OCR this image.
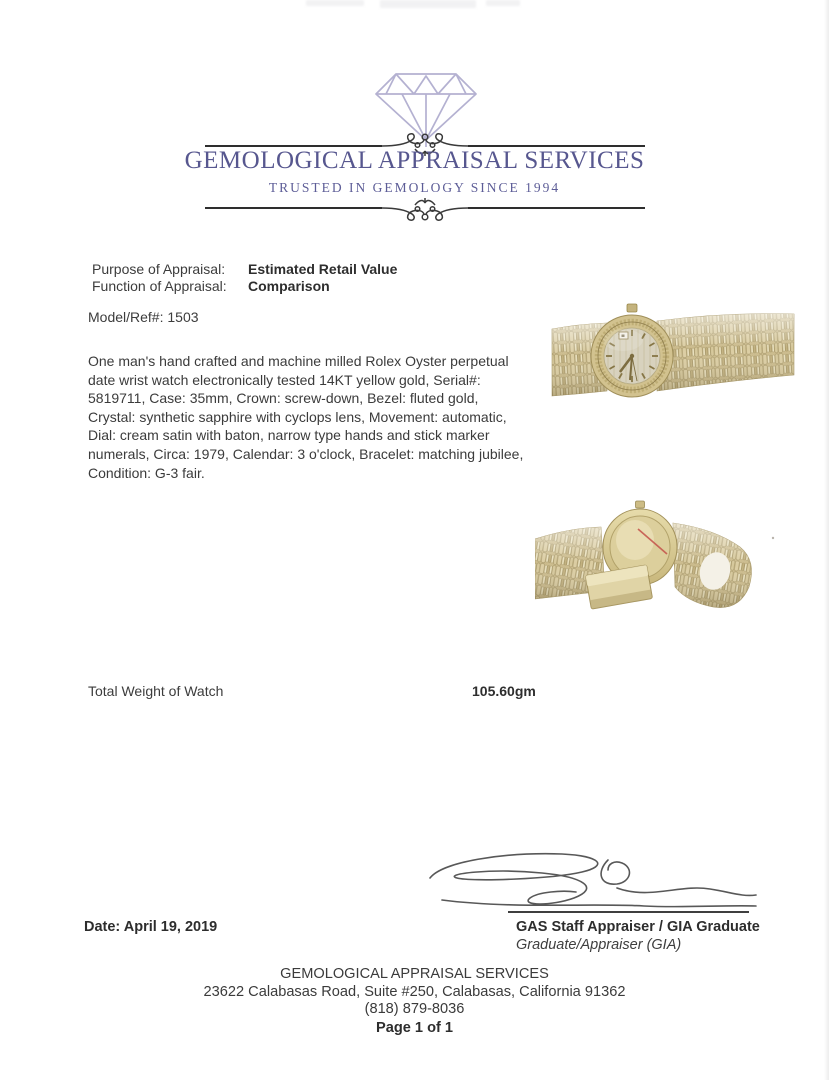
GEMOLOGICAL APPRAISAL SERVICES
TRUSTED IN GEMOLOGY SINCE 1994
Purpose of Appraisal:	Estimated Retail Value
Function of Appraisal:	Comparison
Model/Ref#: 1503
One man's hand crafted and machine milled Rolex Oyster perpetual date wrist watch electronically tested 14KT yellow gold, Serial#: 5819711, Case: 35mm, Crown: screw-down, Bezel: fluted gold, Crystal: synthetic sapphire with cyclops lens, Movement: automatic, Dial: cream satin with baton, narrow type hands and stick marker numerals, Circa: 1979, Calendar: 3 o'clock, Bracelet: matching jubilee, Condition: G-3 fair.
Total Weight of Watch	105.60gm
Date: April 19, 2019	GAS Staff Appraiser / GIA Graduate
Graduate/Appraiser (GIA)
GEMOLOGICAL APPRAISAL SERVICES
23622 Calabasas Road, Suite #250, Calabasas, California 91362
(818) 879-8036
Page 1 of 1
